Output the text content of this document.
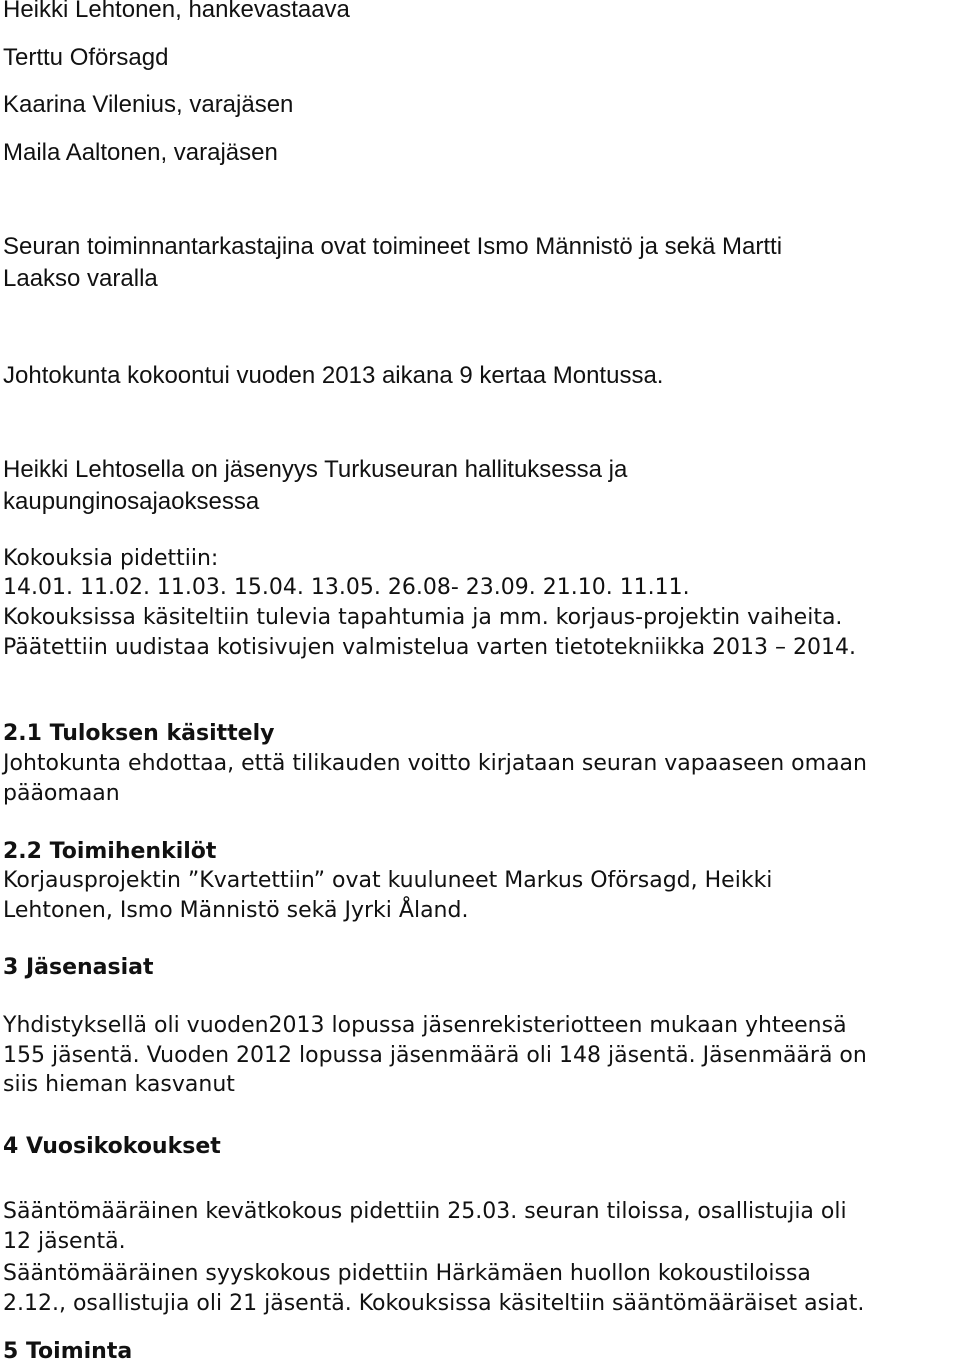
Heikki Lehtonen, hankevastaava
Terttu Oförsagd
Kaarina Vilenius, varajäsen
Maila Aaltonen, varajäsen
Seuran toiminnantarkastajina ovat toimineet Ismo Männistö ja sekä Martti
Laakso varalla
Johtokunta kokoontui vuoden 2013 aikana 9 kertaa Montussa.
Heikki Lehtosella on jäsenyys Turkuseuran hallituksessa ja
kaupunginosajaoksessa
Kokouksia pidettiin:
14.01. 11.02. 11.03. 15.04. 13.05. 26.08- 23.09. 21.10. 11.11.
Kokouksissa käsiteltiin tulevia tapahtumia ja mm. korjaus-projektin vaiheita.
Päätettiin uudistaa kotisivujen valmistelua varten tietotekniikka 2013 – 2014.
2.1 Tuloksen käsittely
Johtokunta ehdottaa, että tilikauden voitto kirjataan seuran vapaaseen omaan
pääomaan
2.2 Toimihenkilöt
Korjausprojektin ”Kvartettiin” ovat kuuluneet Markus Oförsagd, Heikki
Lehtonen, Ismo Männistö sekä Jyrki Åland.
3 Jäsenasiat
Yhdistyksellä oli vuoden2013 lopussa jäsenrekisteriotteen mukaan yhteensä
155 jäsentä. Vuoden 2012 lopussa jäsenmäärä oli 148 jäsentä. Jäsenmäärä on
siis hieman kasvanut
4 Vuosikokoukset
Sääntömääräinen kevätkokous pidettiin 25.03. seuran tiloissa, osallistujia oli
12 jäsentä.
Sääntömääräinen syyskokous pidettiin Härkämäen huollon kokoustiloissa
2.12., osallistujia oli 21 jäsentä. Kokouksissa käsiteltiin sääntömääräiset asiat.
5 Toiminta
